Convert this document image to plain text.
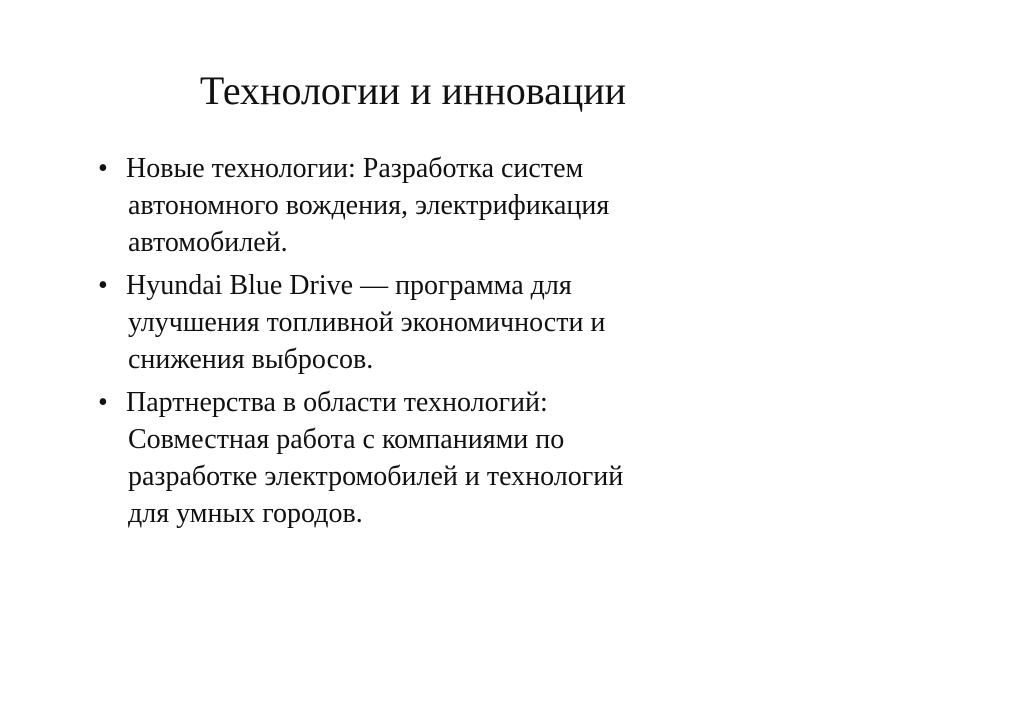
Технологии и инновации
• Новые технологии: Разработка систем
автономного вождения, электрификация
автомобилей.
• Hyundai Blue Drive — программа для
улучшения топливной экономичности и
снижения выбросов.
• Партнерства в области технологий:
Совместная работа с компаниями по
разработке электромобилей и технологий
для умных городов.
